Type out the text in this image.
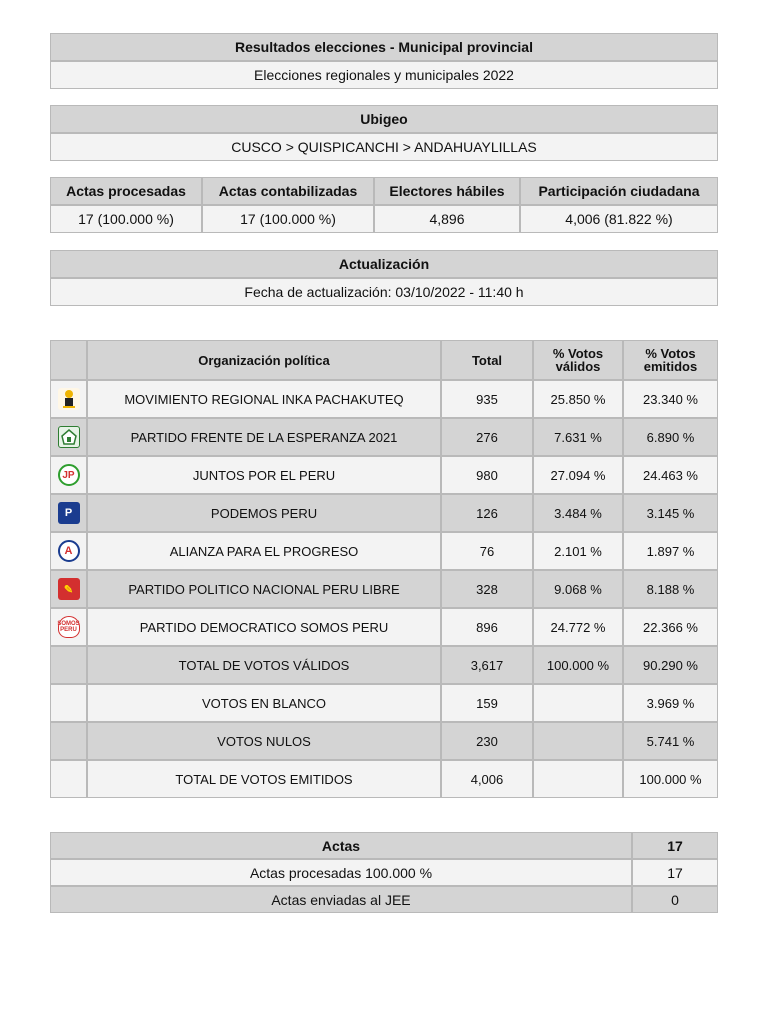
Resultados elecciones - Municipal provincial
Elecciones regionales y municipales 2022
Ubigeo
CUSCO > QUISPICANCHI > ANDAHUAYLILLAS
Actas procesadas	Actas contabilizadas	Electores hábiles	Participación ciudadana
17 (100.000 %)	17 (100.000 %)	4,896	4,006 (81.822 %)
Actualización
Fecha de actualización: 03/10/2022 - 11:40 h
	Organización política	Total	% Votos válidos	% Votos emitidos

	MOVIMIENTO REGIONAL INKA PACHAKUTEQ	935	25.850 %	23.340 %

	PARTIDO FRENTE DE LA ESPERANZA 2021	276	7.631 %	6.890 %

JP	JUNTOS POR EL PERU	980	27.094 %	24.463 %

P	PODEMOS PERU	126	3.484 %	3.145 %

A	ALIANZA PARA EL PROGRESO	76	2.101 %	1.897 %

✎	PARTIDO POLITICO NACIONAL PERU LIBRE	328	9.068 %	8.188 %

SOMOS PERU	PARTIDO DEMOCRATICO SOMOS PERU	896	24.772 %	22.366 %
	TOTAL DE VOTOS VÁLIDOS	3,617	100.000 %	90.290 %
	VOTOS EN BLANCO	159		3.969 %
	VOTOS NULOS	230		5.741 %
	TOTAL DE VOTOS EMITIDOS	4,006		100.000 %
Actas	17
Actas procesadas 100.000 %	17
Actas enviadas al JEE	0
